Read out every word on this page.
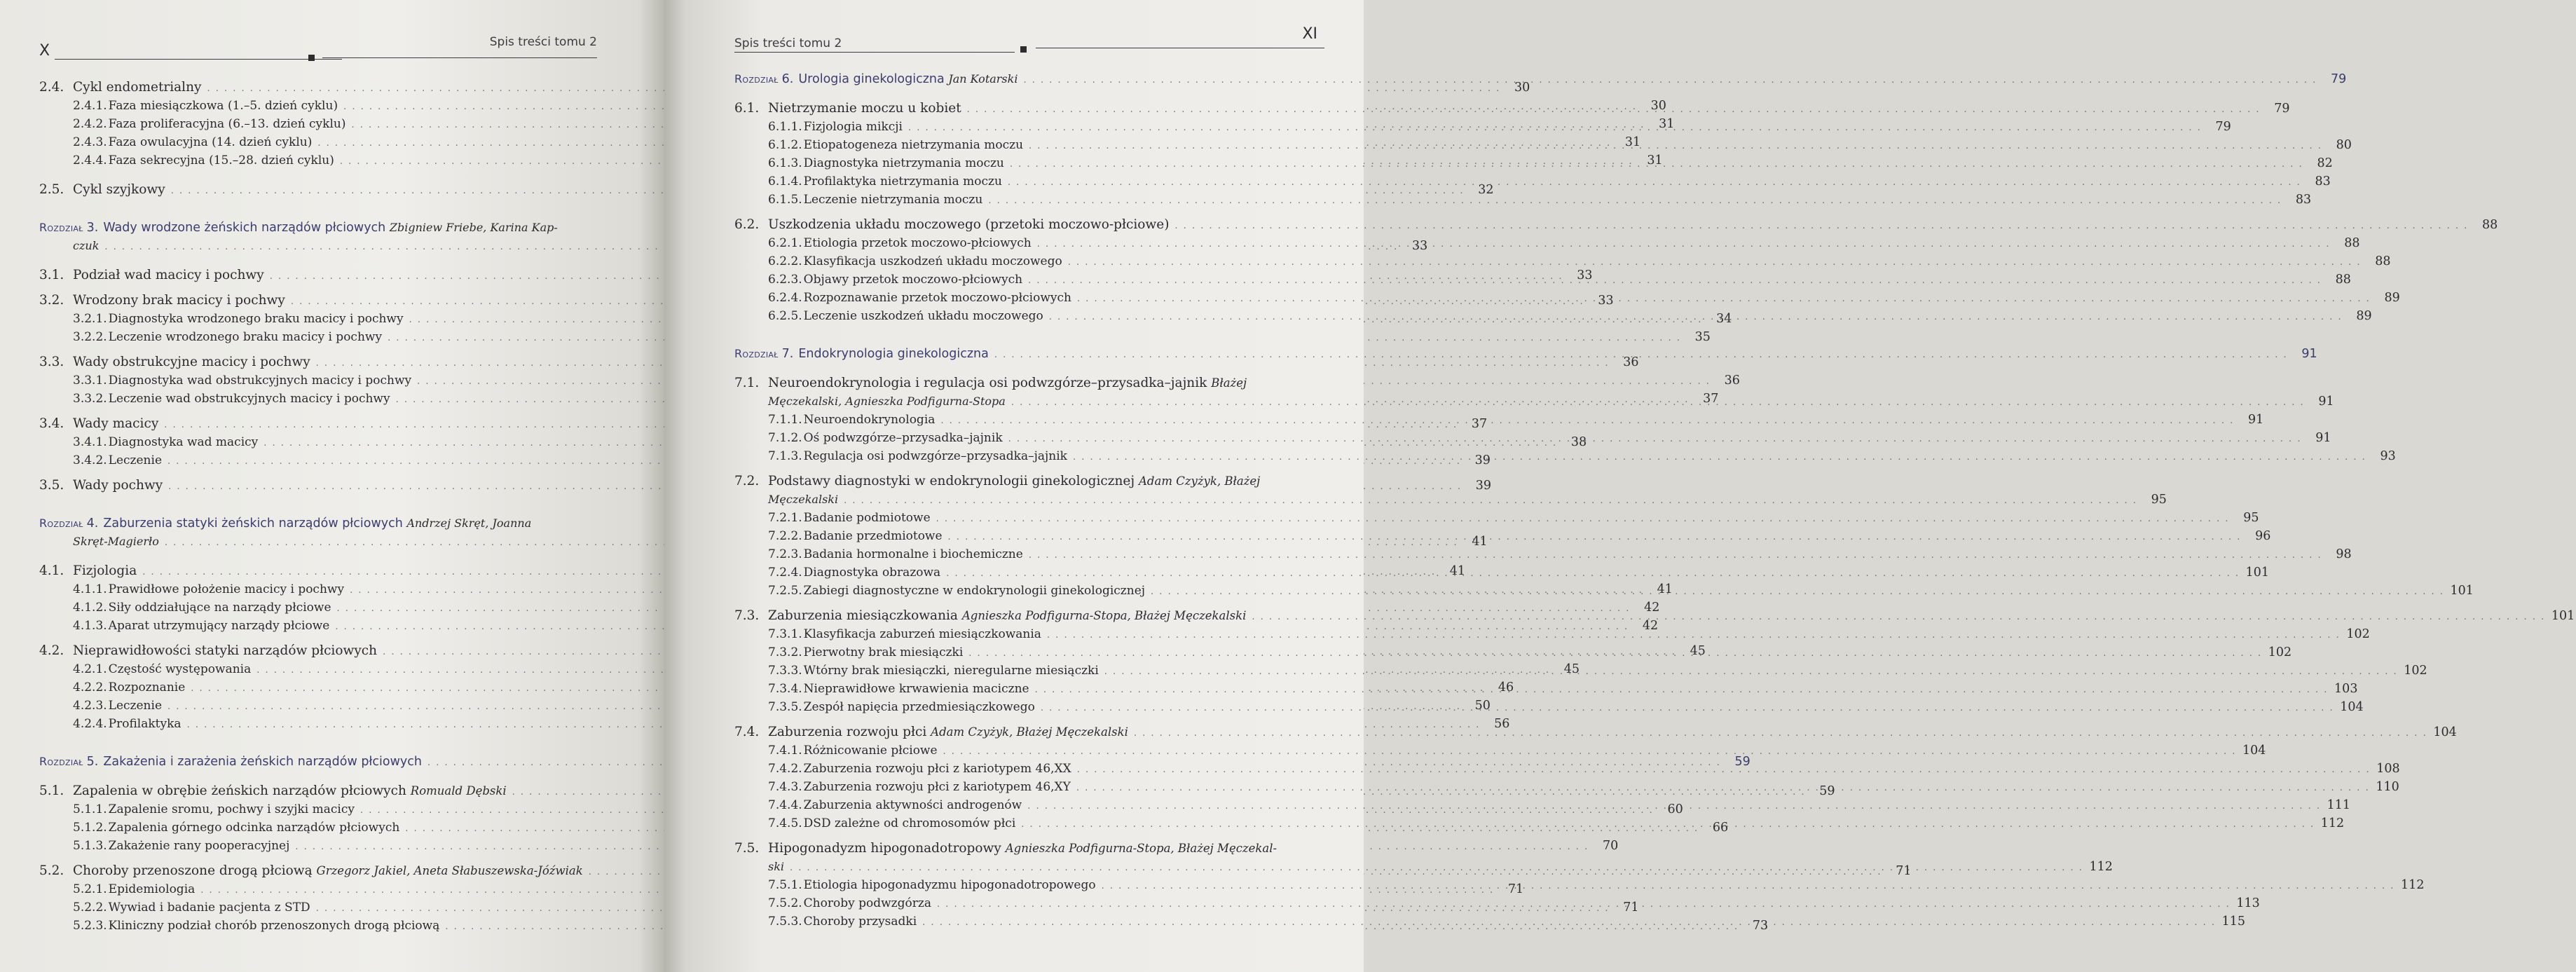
X	Spis treści tomu 2
2.4. Cykl endometrialny . . .	30
2.4.1. Faza miesiączkowa (1.–5. dzień cyklu) . . .	30
2.4.2. Faza proliferacyjna (6.–13. dzień cyklu) . . .	31
2.4.3. Faza owulacyjna (14. dzień cyklu) . . .	31
2.4.4. Faza sekrecyjna (15.–28. dzień cyklu) . . .	31
2.5. Cykl szyjkowy . . .	32
Rozdział 3. Wady wrodzone żeńskich narządów płciowych Zbigniew Friebe, Karina Kap-
czuk . . .	33
3.1. Podział wad macicy i pochwy . . .	33
3.2. Wrodzony brak macicy i pochwy . . .	33
3.2.1. Diagnostyka wrodzonego braku macicy i pochwy . . .	34
3.2.2. Leczenie wrodzonego braku macicy i pochwy . . .	35
3.3. Wady obstrukcyjne macicy i pochwy . . .	36
3.3.1. Diagnostyka wad obstrukcyjnych macicy i pochwy . . .	36
3.3.2. Leczenie wad obstrukcyjnych macicy i pochwy . . .	37
3.4. Wady macicy . . .	37
3.4.1. Diagnostyka wad macicy . . .	38
3.4.2. Leczenie . . .	39
3.5. Wady pochwy . . .	39
Rozdział 4. Zaburzenia statyki żeńskich narządów płciowych Andrzej Skręt, Joanna
Skręt-Magierło . . .	41
4.1. Fizjologia . . .	41
4.1.1. Prawidłowe położenie macicy i pochwy . . .	41
4.1.2. Siły oddziałujące na narządy płciowe . . .	42
4.1.3. Aparat utrzymujący narządy płciowe . . .	42
4.2. Nieprawidłowości statyki narządów płciowych . . .	45
4.2.1. Częstość występowania . . .	45
4.2.2. Rozpoznanie . . .	46
4.2.3. Leczenie . . .	50
4.2.4. Profilaktyka . . .	56
Rozdział 5. Zakażenia i zarażenia żeńskich narządów płciowych . . .	59
5.1. Zapalenia w obrębie żeńskich narządów płciowych Romuald Dębski . . .	59
5.1.1. Zapalenie sromu, pochwy i szyjki macicy . . .	60
5.1.2. Zapalenia górnego odcinka narządów płciowych . . .	66
5.1.3. Zakażenie rany pooperacyjnej . . .	70
5.2. Choroby przenoszone drogą płciową Grzegorz Jakiel, Aneta Słabuszewska-Jóźwiak . . .	71
5.2.1. Epidemiologia . . .	71
5.2.2. Wywiad i badanie pacjenta z STD . . .	71
5.2.3. Kliniczny podział chorób przenoszonych drogą płciową . . .	73
Spis treści tomu 2
XI
Rozdział 6. Urologia ginekologiczna Jan Kotarski . . .	79
6.1. Nietrzymanie moczu u kobiet . . .	79
6.1.1. Fizjologia mikcji . . .	79
6.1.2. Etiopatogeneza nietrzymania moczu . . .	80
6.1.3. Diagnostyka nietrzymania moczu . . .	82
6.1.4. Profilaktyka nietrzymania moczu . . .	83
6.1.5. Leczenie nietrzymania moczu . . .	83
6.2. Uszkodzenia układu moczowego (przetoki moczowo-płciowe) . . .	88
6.2.1. Etiologia przetok moczowo-płciowych . . .	88
6.2.2. Klasyfikacja uszkodzeń układu moczowego . . .	88
6.2.3. Objawy przetok moczowo-płciowych . . .	88
6.2.4. Rozpoznawanie przetok moczowo-płciowych . . .	89
6.2.5. Leczenie uszkodzeń układu moczowego . . .	89
Rozdział 7. Endokrynologia ginekologiczna . . .	91
7.1. Neuroendokrynologia i regulacja osi podwzgórze–przysadka–jajnik Błażej
Męczekalski, Agnieszka Podfigurna-Stopa . . .	91
7.1.1. Neuroendokrynologia . . .	91
7.1.2. Oś podwzgórze–przysadka–jajnik . . .	91
7.1.3. Regulacja osi podwzgórze–przysadka–jajnik . . .	93
7.2. Podstawy diagnostyki w endokrynologii ginekologicznej Adam Czyżyk, Błażej
Męczekalski . . .	95
7.2.1. Badanie podmiotowe . . .	95
7.2.2. Badanie przedmiotowe . . .	96
7.2.3. Badania hormonalne i biochemiczne . . .	98
7.2.4. Diagnostyka obrazowa . . .	101
7.2.5. Zabiegi diagnostyczne w endokrynologii ginekologicznej . . .	101
7.3. Zaburzenia miesiączkowania Agnieszka Podfigurna-Stopa, Błażej Męczekalski . . .	101
7.3.1. Klasyfikacja zaburzeń miesiączkowania . . .	102
7.3.2. Pierwotny brak miesiączki . . .	102
7.3.3. Wtórny brak miesiączki, nieregularne miesiączki . . .	102
7.3.4. Nieprawidłowe krwawienia maciczne . . .	103
7.3.5. Zespół napięcia przedmiesiączkowego . . .	104
7.4. Zaburzenia rozwoju płci Adam Czyżyk, Błażej Męczekalski . . .	104
7.4.1. Różnicowanie płciowe . . .	104
7.4.2. Zaburzenia rozwoju płci z kariotypem 46,XX . . .	108
7.4.3. Zaburzenia rozwoju płci z kariotypem 46,XY . . .	110
7.4.4. Zaburzenia aktywności androgenów . . .	111
7.4.5. DSD zależne od chromosomów płci . . .	112
7.5. Hipogonadyzm hipogonadotropowy Agnieszka Podfigurna-Stopa, Błażej Męczekal-
ski . . .	112
7.5.1. Etiologia hipogonadyzmu hipogonadotropowego . . .	112
7.5.2. Choroby podwzgórza . . .	113
7.5.3. Choroby przysadki . . .	115
